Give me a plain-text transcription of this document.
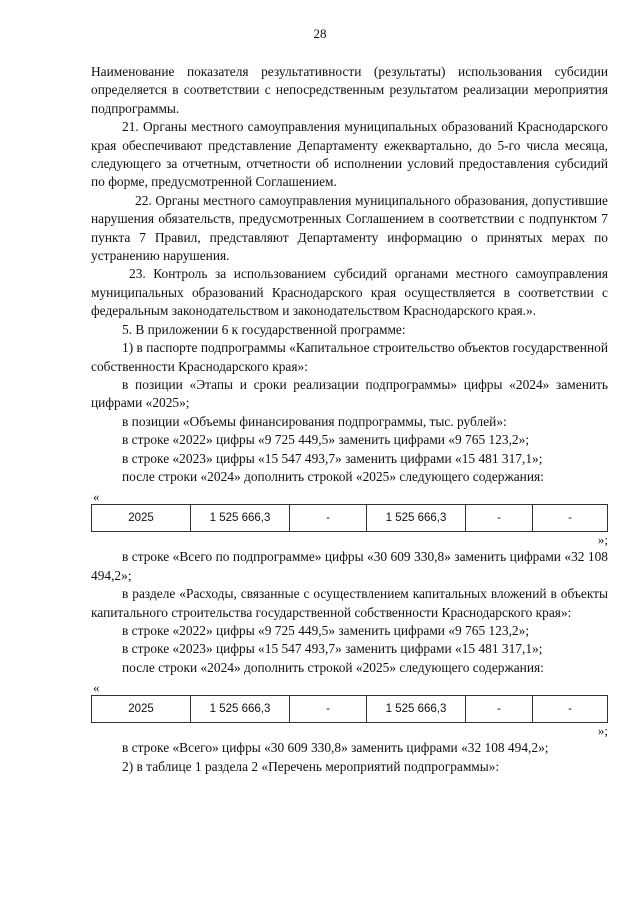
28

Наименование показателя результативности (результаты) использования субсидии определяется в соответствии с непосредственным результатом реализации мероприятия подпрограммы.

21. Органы местного самоуправления муниципальных образований Краснодарского края обеспечивают представление Департаменту ежеквартально, до 5-го числа месяца, следующего за отчетным, отчетности об исполнении условий предоставления субсидий по форме, предусмотренной Соглашением.

22. Органы местного самоуправления муниципального образования, допустившие нарушения обязательств, предусмотренных Соглашением в соответствии с подпунктом 7 пункта 7 Правил, представляют Департаменту информацию о принятых мерах по устранению нарушения.

23. Контроль за использованием субсидий органами местного самоуправления муниципальных образований Краснодарского края осуществляется в соответствии с федеральным законодательством и законодательством Краснодарского края.».

5. В приложении 6 к государственной программе:

1) в паспорте подпрограммы «Капитальное строительство объектов государственной собственности Краснодарского края»:

в позиции «Этапы и сроки реализации подпрограммы» цифры «2024» заменить цифрами «2025»;

в позиции «Объемы финансирования подпрограммы, тыс. рублей»:

в строке «2022» цифры «9 725 449,5» заменить цифрами «9 765 123,2»;

в строке «2023» цифры «15 547 493,7» заменить цифрами «15 481 317,1»;

после строки «2024» дополнить строкой «2025» следующего содержания:

«
2025	1 525 666,3	-	1 525 666,3	-	-
»;

в строке «Всего по подпрограмме» цифры «30 609 330,8» заменить цифрами «32 108 494,2»;

в разделе «Расходы, связанные с осуществлением капитальных вложений в объекты капитального строительства государственной собственности Краснодарского края»:

в строке «2022» цифры «9 725 449,5» заменить цифрами «9 765 123,2»;

в строке «2023» цифры «15 547 493,7» заменить цифрами «15 481 317,1»;

после строки «2024» дополнить строкой «2025» следующего содержания:

«
2025	1 525 666,3	-	1 525 666,3	-	-
»;

в строке «Всего» цифры «30 609 330,8» заменить цифрами «32 108 494,2»;

2) в таблице 1 раздела 2 «Перечень мероприятий подпрограммы»:
